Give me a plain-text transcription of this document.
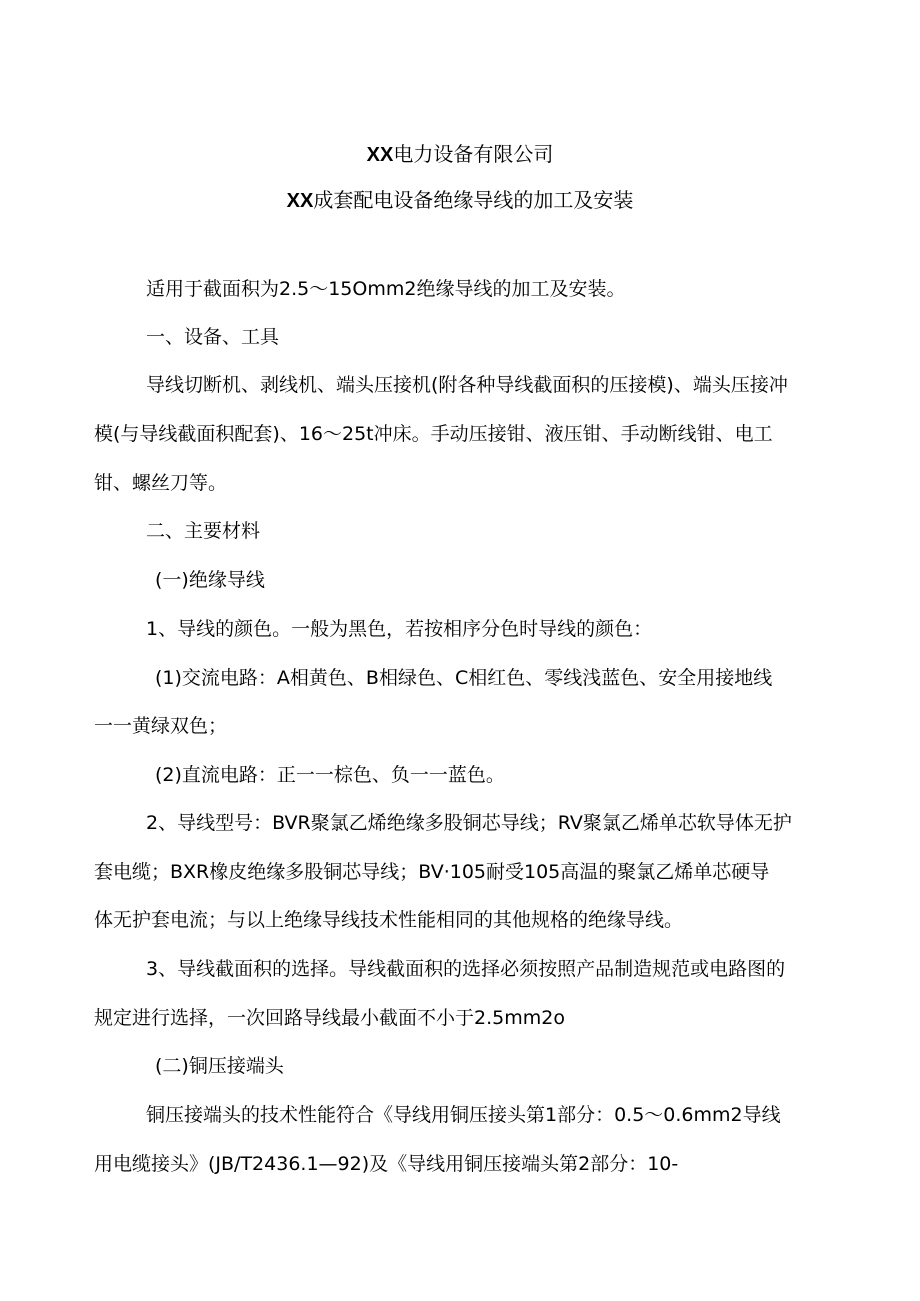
XX电力设备有限公司
XX成套配电设备绝缘导线的加工及安装
适用于截面积为2.5～15Omm2绝缘导线的加工及安装。
一、设备、工具
导线切断机、剥线机、端头压接机(附各种导线截面积的压接模)、端头压接冲
模(与导线截面积配套)、16～25t冲床。手动压接钳、液压钳、手动断线钳、电工
钳、螺丝刀等。
二、主要材料
(一)绝缘导线
1、导线的颜色。一般为黑色，若按相序分色时导线的颜色：
(1)交流电路：A相黄色、B相绿色、C相红色、零线浅蓝色、安全用接地线
一一黄绿双色；
(2)直流电路：正一一棕色、负一一蓝色。
2、导线型号：BVR聚氯乙烯绝缘多股铜芯导线；RV聚氯乙烯单芯软导体无护
套电缆；BXR橡皮绝缘多股铜芯导线；BV·105耐受105高温的聚氯乙烯单芯硬导
体无护套电流；与以上绝缘导线技术性能相同的其他规格的绝缘导线。
3、导线截面积的选择。导线截面积的选择必须按照产品制造规范或电路图的
规定进行选择，一次回路导线最小截面不小于2.5mm2o
(二)铜压接端头
铜压接端头的技术性能符合《导线用铜压接头第1部分：0.5～0.6mm2导线
用电缆接头》(JB/T2436.1—92)及《导线用铜压接端头第2部分：10-
